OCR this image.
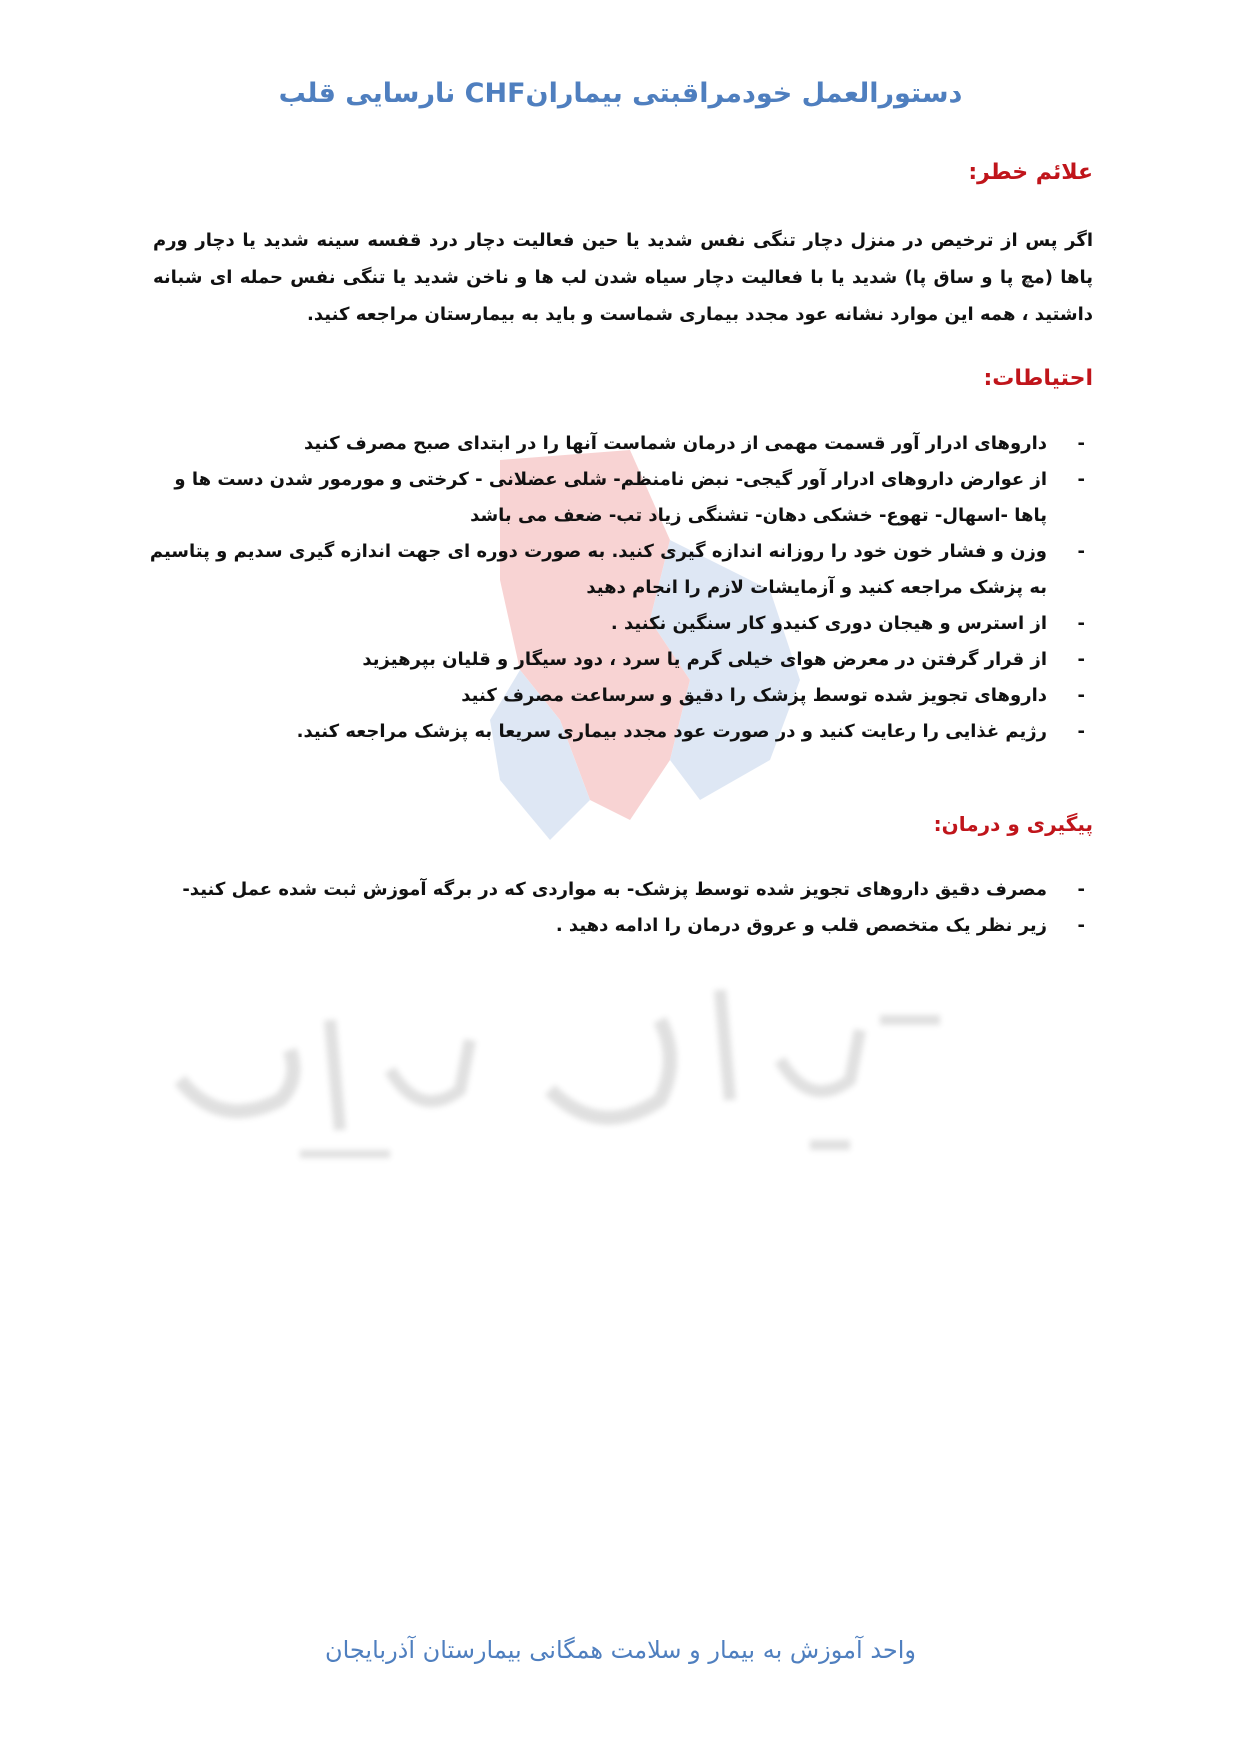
دستورالعمل خودمراقبتی بیمارانCHF نارسایی قلب
علائم خطر:

اگر پس از ترخیص در منزل دچار تنگی نفس شدید یا حین فعالیت دچار درد قفسه سینه شدید یا دچار ورم پاها (مچ پا و ساق پا) شدید یا با فعالیت دچار سیاه شدن لب ها و ناخن شدید یا تنگی نفس حمله ای شبانه داشتید ، همه این موارد نشانه عود مجدد بیماری شماست و باید به بیمارستان مراجعه کنید.

احتیاطات:
-
داروهای ادرار آور قسمت مهمی از درمان شماست آنها را در ابتدای صبح مصرف کنید
-
از عوارض داروهای ادرار آور گیجی- نبض نامنظم- شلی عضلانی - کرختی و مورمور شدن دست ها و پاها -اسهال- تهوع- خشکی دهان- تشنگی زیاد تب- ضعف می باشد
-
وزن و فشار خون خود را روزانه اندازه گیری کنید. به صورت دوره ای جهت اندازه گیری سدیم و پتاسیم به پزشک مراجعه کنید و آزمایشات لازم را انجام دهید
-
از استرس و هیجان دوری کنیدو کار سنگین نکنید .
-
از قرار گرفتن در معرض هوای خیلی گرم یا سرد ، دود سیگار و قلیان بپرهیزید
-
داروهای تجویز شده توسط پزشک را دقیق و سرساعت مصرف کنید
-
رژیم غذایی را رعایت کنید و در صورت عود مجدد بیماری سریعا به پزشک مراجعه کنید.
پیگیری و درمان:
-
مصرف دقیق داروهای تجویز شده توسط پزشک- به مواردی که در برگه آموزش ثبت شده عمل کنید-
-
زیر نظر یک متخصص قلب و عروق درمان را ادامه دهید .

واحد آموزش به بیمار و سلامت همگانی بیمارستان آذربایجان
